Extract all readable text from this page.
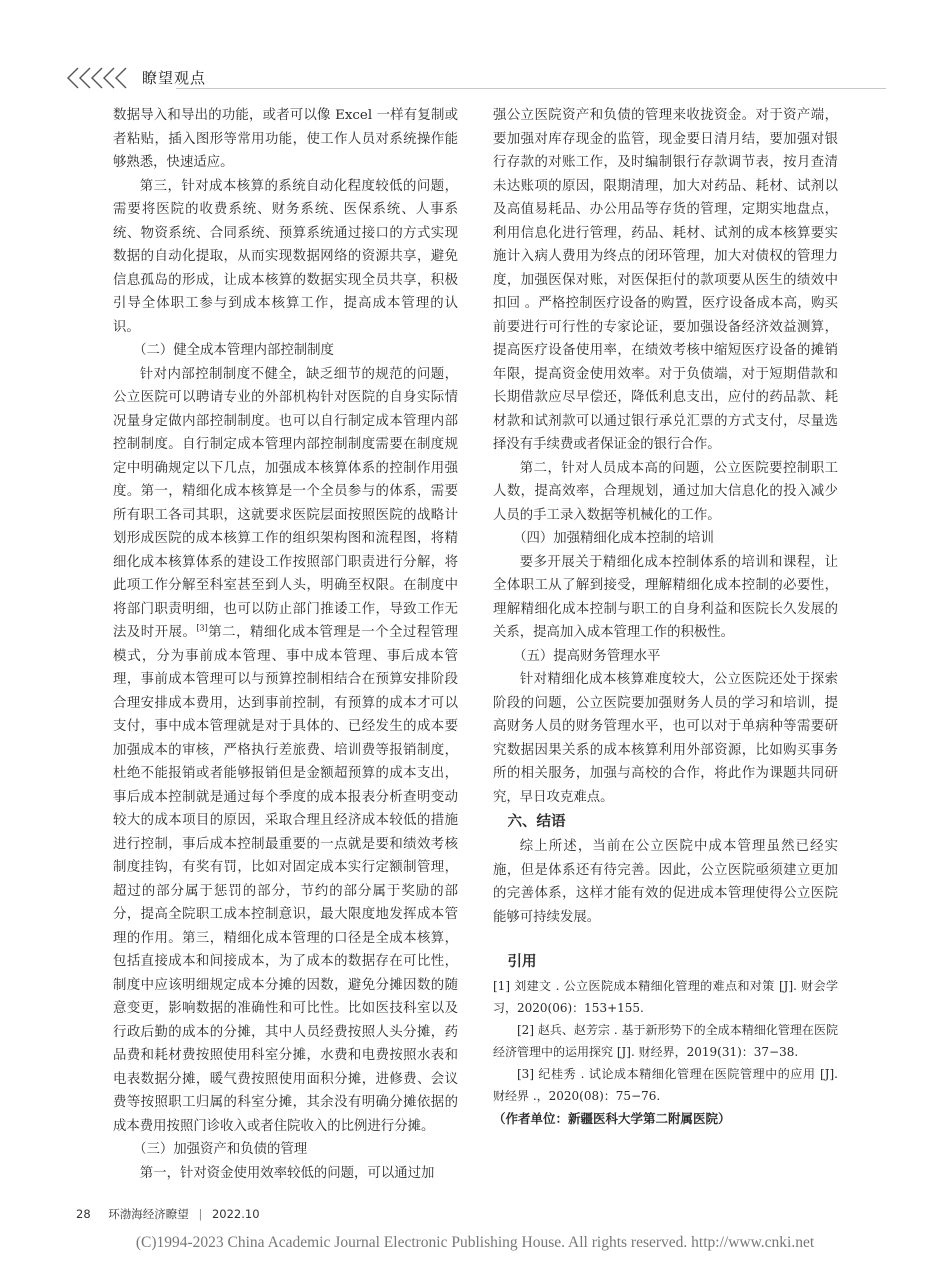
瞭望观点

数据导入和导出的功能，或者可以像 Excel 一样有复制或者粘贴，插入图形等常用功能，使工作人员对系统操作能够熟悉，快速适应。

第三，针对成本核算的系统自动化程度较低的问题，需要将医院的收费系统、财务系统、医保系统、人事系统、物资系统、合同系统、预算系统通过接口的方式实现数据的自动化提取，从而实现数据网络的资源共享，避免信息孤岛的形成，让成本核算的数据实现全员共享，积极引导全体职工参与到成本核算工作，提高成本管理的认识。

（二）健全成本管理内部控制制度

针对内部控制制度不健全，缺乏细节的规范的问题，公立医院可以聘请专业的外部机构针对医院的自身实际情况量身定做内部控制制度。也可以自行制定成本管理内部控制制度。自行制定成本管理内部控制制度需要在制度规定中明确规定以下几点，加强成本核算体系的控制作用强度。第一，精细化成本核算是一个全员参与的体系，需要所有职工各司其职，这就要求医院层面按照医院的战略计划形成医院的成本核算工作的组织架构图和流程图，将精细化成本核算体系的建设工作按照部门职责进行分解，将此项工作分解至科室甚至到人头，明确至权限。在制度中将部门职责明细，也可以防止部门推诿工作，导致工作无法及时开展。[3]第二，精细化成本管理是一个全过程管理模式，分为事前成本管理、事中成本管理、事后成本管理，事前成本管理可以与预算控制相结合在预算安排阶段合理安排成本费用，达到事前控制，有预算的成本才可以支付，事中成本管理就是对于具体的、已经发生的成本要加强成本的审核，严格执行差旅费、培训费等报销制度，杜绝不能报销或者能够报销但是金额超预算的成本支出，事后成本控制就是通过每个季度的成本报表分析查明变动较大的成本项目的原因，采取合理且经济成本较低的措施进行控制，事后成本控制最重要的一点就是要和绩效考核制度挂钩，有奖有罚，比如对固定成本实行定额制管理，超过的部分属于惩罚的部分，节约的部分属于奖励的部分，提高全院职工成本控制意识，最大限度地发挥成本管理的作用。第三，精细化成本管理的口径是全成本核算，包括直接成本和间接成本，为了成本的数据存在可比性，制度中应该明细规定成本分摊的因数，避免分摊因数的随意变更，影响数据的准确性和可比性。比如医技科室以及行政后勤的成本的分摊，其中人员经费按照人头分摊，药品费和耗材费按照使用科室分摊，水费和电费按照水表和电表数据分摊，暖气费按照使用面积分摊，进修费、会议费等按照职工归属的科室分摊，其余没有明确分摊依据的成本费用按照门诊收入或者住院收入的比例进行分摊。

（三）加强资产和负债的管理

第一，针对资金使用效率较低的问题，可以通过加

强公立医院资产和负债的管理来收拢资金。对于资产端，要加强对库存现金的监管，现金要日清月结，要加强对银行存款的对账工作，及时编制银行存款调节表，按月查清未达账项的原因，限期清理，加大对药品、耗材、试剂以及高值易耗品、办公用品等存货的管理，定期实地盘点，利用信息化进行管理，药品、耗材、试剂的成本核算要实施计入病人费用为终点的闭环管理，加大对债权的管理力度，加强医保对账，对医保拒付的款项要从医生的绩效中扣回 。严格控制医疗设备的购置，医疗设备成本高，购买前要进行可行性的专家论证，要加强设备经济效益测算，提高医疗设备使用率，在绩效考核中缩短医疗设备的摊销年限，提高资金使用效率。对于负债端，对于短期借款和长期借款应尽早偿还，降低利息支出，应付的药品款、耗材款和试剂款可以通过银行承兑汇票的方式支付，尽量选择没有手续费或者保证金的银行合作。

第二，针对人员成本高的问题，公立医院要控制职工人数，提高效率，合理规划，通过加大信息化的投入减少人员的手工录入数据等机械化的工作。

（四）加强精细化成本控制的培训

要多开展关于精细化成本控制体系的培训和课程，让全体职工从了解到接受，理解精细化成本控制的必要性，理解精细化成本控制与职工的自身利益和医院长久发展的关系，提高加入成本管理工作的积极性。

（五）提高财务管理水平

针对精细化成本核算难度较大，公立医院还处于探索阶段的问题，公立医院要加强财务人员的学习和培训，提高财务人员的财务管理水平，也可以对于单病种等需要研究数据因果关系的成本核算利用外部资源，比如购买事务所的相关服务，加强与高校的合作，将此作为课题共同研究，早日攻克难点。

六、结语

综上所述，当前在公立医院中成本管理虽然已经实施，但是体系还有待完善。因此，公立医院亟须建立更加的完善体系，这样才能有效的促进成本管理使得公立医院能够可持续发展。

引用

[1] 刘建文 . 公立医院成本精细化管理的难点和对策 [J]. 财会学习，2020(06)：153+155.

[2] 赵兵、赵芳宗 . 基于新形势下的全成本精细化管理在医院经济管理中的运用探究 [J]. 财经界，2019(31)：37−38.

[3] 纪桂秀 . 试论成本精细化管理在医院管理中的应用 [J]. 财经界 .，2020(08)：75−76.

（作者单位：新疆医科大学第二附属医院）

28 环渤海经济瞭望 | 2022.10
(C)1994-2023 China Academic Journal Electronic Publishing House. All rights reserved. http://www.cnki.net
